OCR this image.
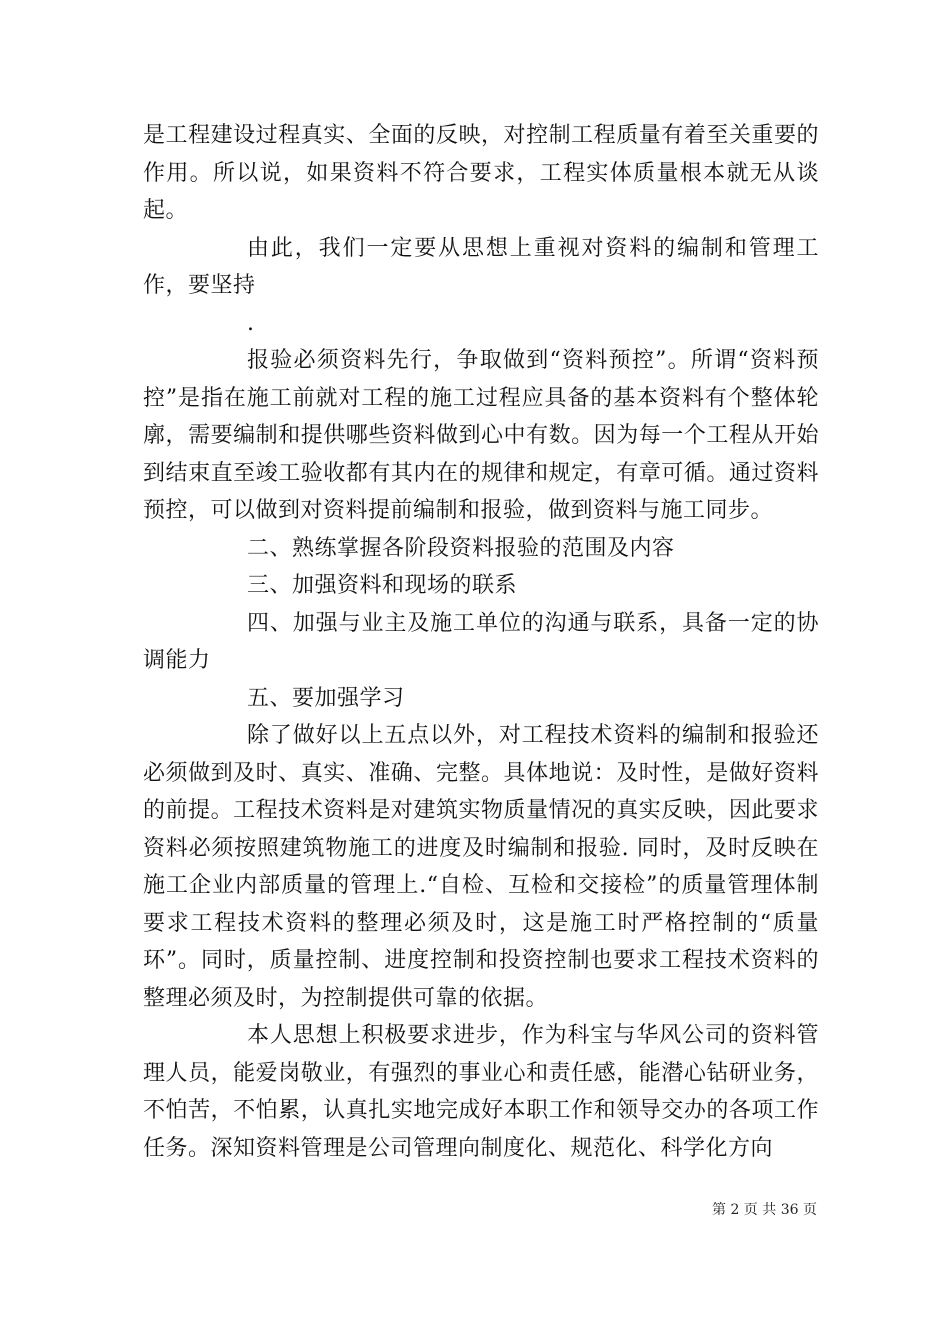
是工程建设过程真实、全面的反映，对控制工程质量有着至关重要的作用。所以说，如果资料不符合要求，工程实体质量根本就无从谈起。

由此，我们一定要从思想上重视对资料的编制和管理工作，要坚持

.

报验必须资料先行，争取做到“资料预控”。所谓“资料预控”是指在施工前就对工程的施工过程应具备的基本资料有个整体轮廓，需要编制和提供哪些资料做到心中有数。因为每一个工程从开始到结束直至竣工验收都有其内在的规律和规定，有章可循。通过资料预控，可以做到对资料提前编制和报验，做到资料与施工同步。

二、熟练掌握各阶段资料报验的范围及内容

三、加强资料和现场的联系

四、加强与业主及施工单位的沟通与联系，具备一定的协调能力

五、要加强学习

除了做好以上五点以外，对工程技术资料的编制和报验还必须做到及时、真实、准确、完整。具体地说：及时性，是做好资料的前提。工程技术资料是对建筑实物质量情况的真实反映，因此要求资料必须按照建筑物施工的进度及时编制和报验. 同时，及时反映在施工企业内部质量的管理上.“自检、互检和交接检”的质量管理体制要求工程技术资料的整理必须及时，这是施工时严格控制的“质量环”。同时，质量控制、进度控制和投资控制也要求工程技术资料的整理必须及时，为控制提供可靠的依据。

本人思想上积极要求进步，作为科宝与华风公司的资料管理人员，能爱岗敬业，有强烈的事业心和责任感，能潜心钻研业务，不怕苦，不怕累，认真扎实地完成好本职工作和领导交办的各项工作任务。深知资料管理是公司管理向制度化、规范化、科学化方向

第 2 页 共 36 页
